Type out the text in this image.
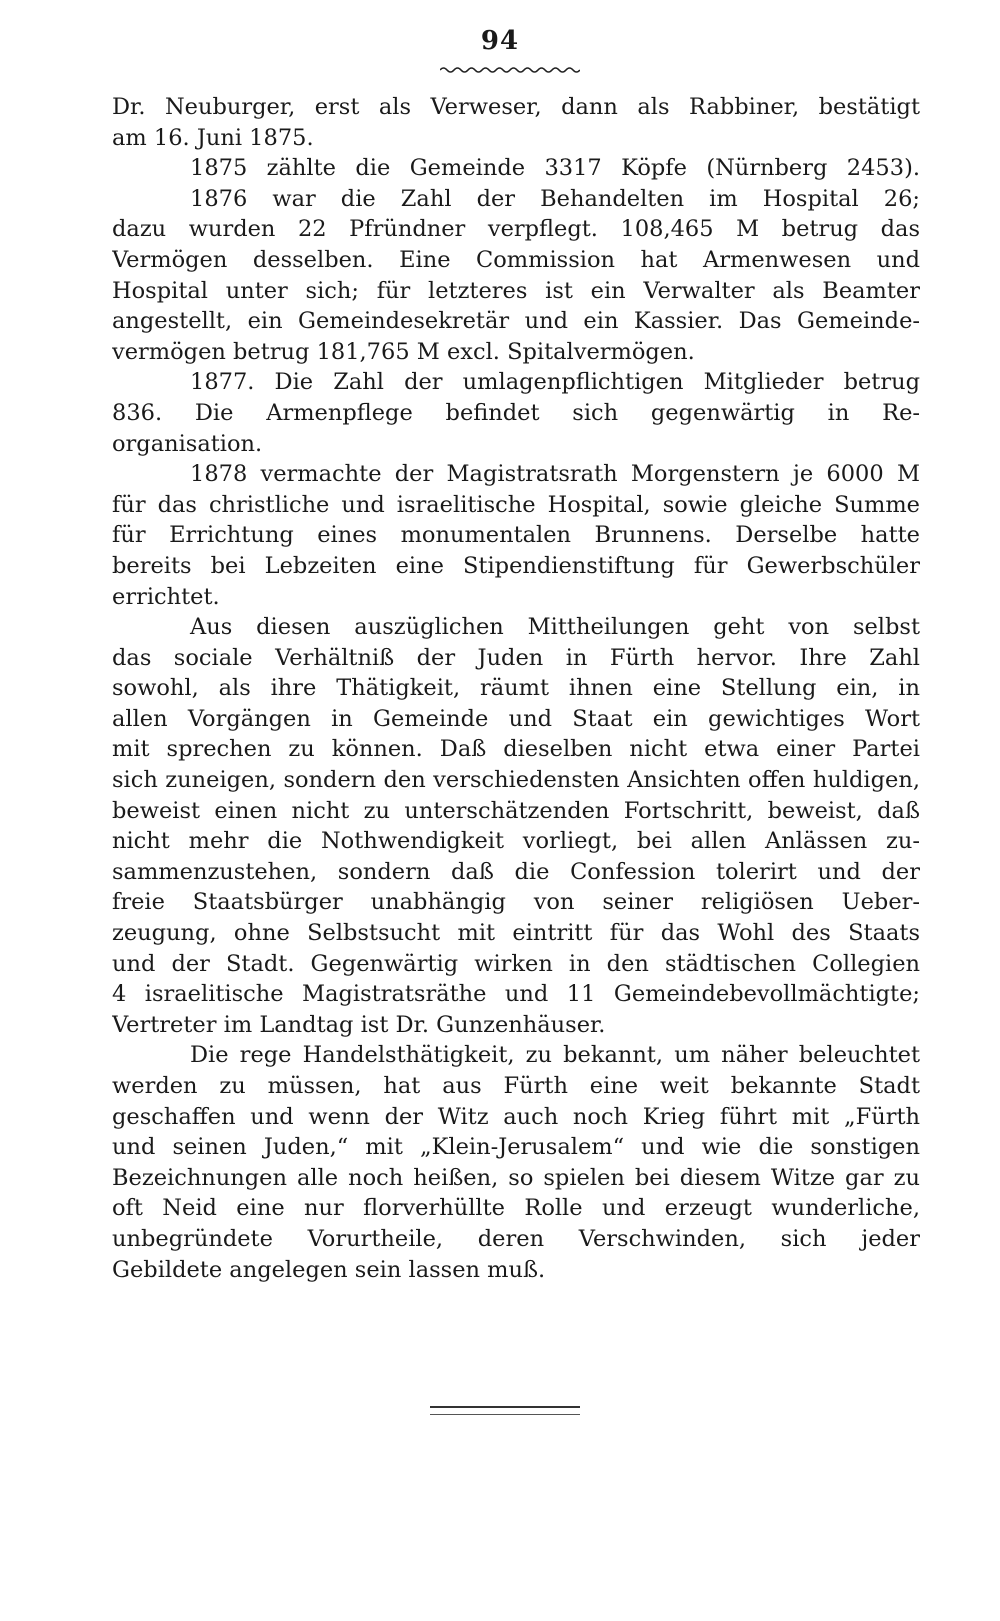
94
Dr. Neuburger, erst als Verweser, dann als Rabbiner, bestätigt
am 16. Juni 1875.
1875 zählte die Gemeinde 3317 Köpfe (Nürnberg 2453).
1876 war die Zahl der Behandelten im Hospital 26;
dazu wurden 22 Pfründner verpflegt. 108,465 M betrug das
Vermögen desselben. Eine Commission hat Armenwesen und
Hospital unter sich; für letzteres ist ein Verwalter als Beamter
angestellt, ein Gemeindesekretär und ein Kassier. Das Gemeinde-
vermögen betrug 181,765 M excl. Spitalvermögen.
1877. Die Zahl der umlagenpflichtigen Mitglieder betrug
836. Die Armenpflege befindet sich gegenwärtig in Re-
organisation.
1878 vermachte der Magistratsrath Morgenstern je 6000 M
für das christliche und israelitische Hospital, sowie gleiche Summe
für Errichtung eines monumentalen Brunnens. Derselbe hatte
bereits bei Lebzeiten eine Stipendienstiftung für Gewerbschüler
errichtet.
Aus diesen auszüglichen Mittheilungen geht von selbst
das sociale Verhältniß der Juden in Fürth hervor. Ihre Zahl
sowohl, als ihre Thätigkeit, räumt ihnen eine Stellung ein, in
allen Vorgängen in Gemeinde und Staat ein gewichtiges Wort
mit sprechen zu können. Daß dieselben nicht etwa einer Partei
sich zuneigen, sondern den verschiedensten Ansichten offen huldigen,
beweist einen nicht zu unterschätzenden Fortschritt, beweist, daß
nicht mehr die Nothwendigkeit vorliegt, bei allen Anlässen zu-
sammenzustehen, sondern daß die Confession tolerirt und der
freie Staatsbürger unabhängig von seiner religiösen Ueber-
zeugung, ohne Selbstsucht mit eintritt für das Wohl des Staats
und der Stadt. Gegenwärtig wirken in den städtischen Collegien
4 israelitische Magistratsräthe und 11 Gemeindebevollmächtigte;
Vertreter im Landtag ist Dr. Gunzenhäuser.
Die rege Handelsthätigkeit, zu bekannt, um näher beleuchtet
werden zu müssen, hat aus Fürth eine weit bekannte Stadt
geschaffen und wenn der Witz auch noch Krieg führt mit „Fürth
und seinen Juden,“ mit „Klein-Jerusalem“ und wie die sonstigen
Bezeichnungen alle noch heißen, so spielen bei diesem Witze gar zu
oft Neid eine nur florverhüllte Rolle und erzeugt wunderliche,
unbegründete Vorurtheile, deren Verschwinden, sich jeder
Gebildete angelegen sein lassen muß.
